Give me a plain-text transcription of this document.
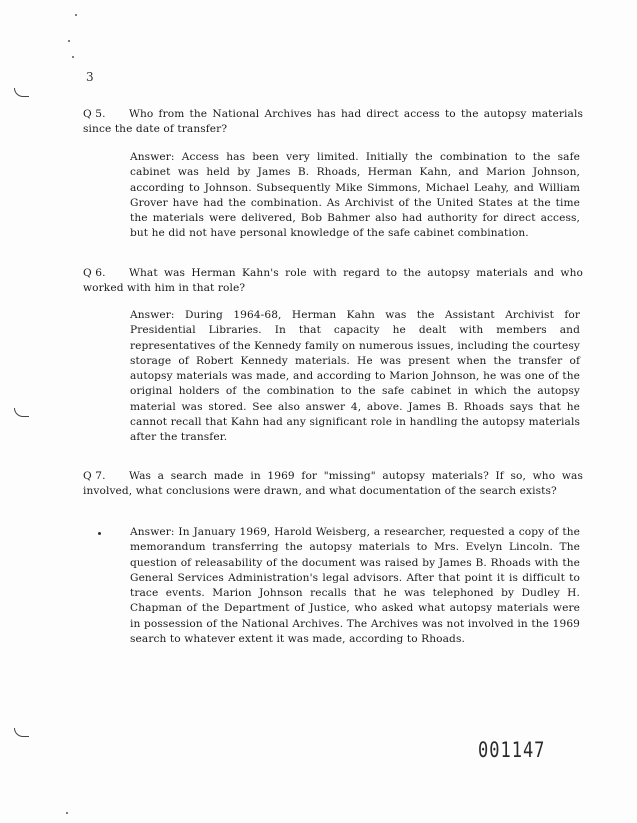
3
Q 5. Who from the National Archives has had direct access to the autopsy materials since the date of transfer?
Answer: Access has been very limited. Initially the combination to the safe cabinet was held by James B. Rhoads, Herman Kahn, and Marion Johnson, according to Johnson. Subsequently Mike Simmons, Michael Leahy, and William Grover have had the combination. As Archivist of the United States at the time the materials were delivered, Bob Bahmer also had authority for direct access, but he did not have personal knowledge of the safe cabinet combination.
Q 6. What was Herman Kahn's role with regard to the autopsy materials and who worked with him in that role?
Answer: During 1964-68, Herman Kahn was the Assistant Archivist for Presidential Libraries. In that capacity he dealt with members and representatives of the Kennedy family on numerous issues, including the courtesy storage of Robert Kennedy materials. He was present when the transfer of autopsy materials was made, and according to Marion Johnson, he was one of the original holders of the combination to the safe cabinet in which the autopsy material was stored. See also answer 4, above. James B. Rhoads says that he cannot recall that Kahn had any significant role in handling the autopsy materials after the transfer.
Q 7. Was a search made in 1969 for "missing" autopsy materials? If so, who was involved, what conclusions were drawn, and what documentation of the search exists?
Answer: In January 1969, Harold Weisberg, a researcher, requested a copy of the memorandum transferring the autopsy materials to Mrs. Evelyn Lincoln. The question of releasability of the document was raised by James B. Rhoads with the General Services Administration's legal advisors. After that point it is difficult to trace events. Marion Johnson recalls that he was telephoned by Dudley H. Chapman of the Department of Justice, who asked what autopsy materials were in possession of the National Archives. The Archives was not involved in the 1969 search to whatever extent it was made, according to Rhoads.
001147
